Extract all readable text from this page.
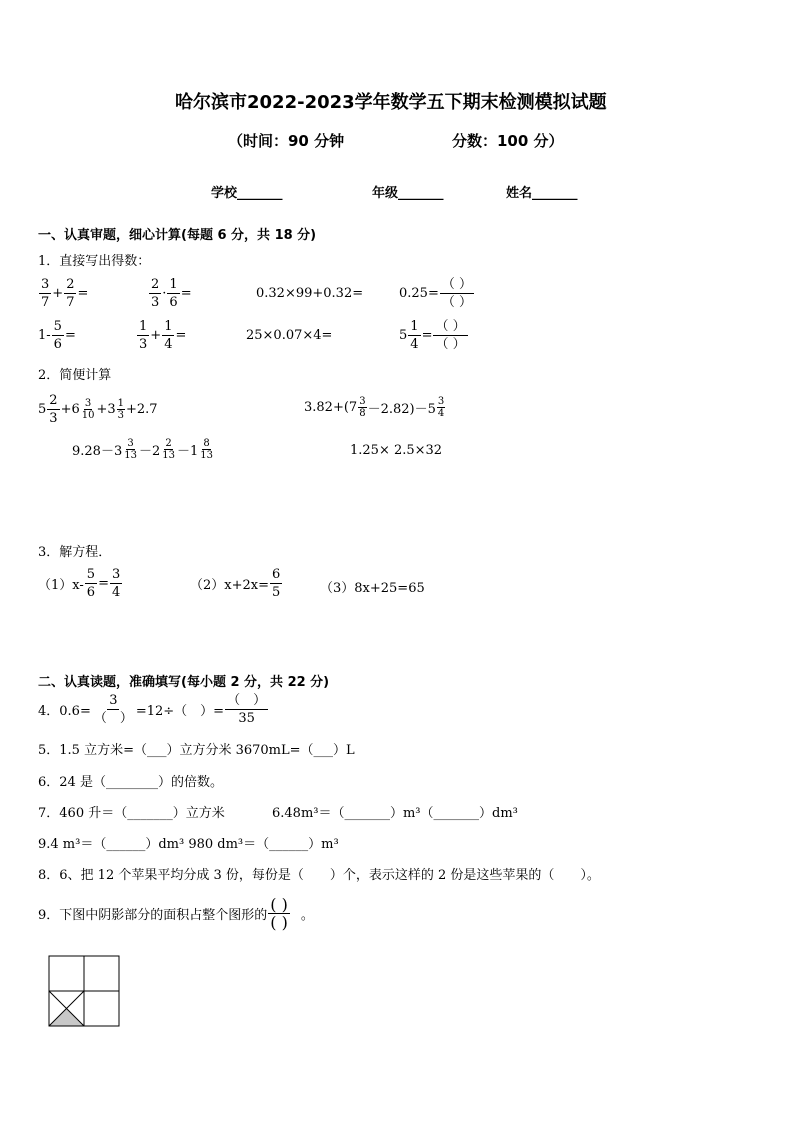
哈尔滨市2022-2023学年数学五下期末检测模拟试题
（时间：90 分钟	分数：100 分）
学校_______	年级_______	姓名_______
一、认真审题，细心计算(每题 6 分，共 18 分)
1．直接写出得数：
$\frac{3}{7} + \frac{2}{7}$ =	$\frac{2}{3} \cdot \frac{1}{6}$ =	0.32×99+0.32=	$0.25= \frac{( )}{( )}$
$1- \frac{5}{6}$ =	$\frac{1}{3} + \frac{1}{4}$ =	25×0.07×4=	$5 \frac{1}{4} = \frac{( )}{( )}$
2．简便计算
$5 \frac{2}{3} +6 \frac{3}{10} +3 \frac{1}{3} +2.7$	$3.82+(7 \frac{3}{8} -2.82)-5 \frac{3}{4}$
$9.28-3 \frac{3}{13} -2 \frac{2}{13} -1 \frac{8}{13}$	1.25× 2.5×32
3．解方程．
$(1)x- \frac{5}{6} = \frac{3}{4}$	$(2)x+2x= \frac{6}{5}$	（3）8x+25=65
二、认真读题，准确填写(每小题 2 分，共 22 分)
4．$0.6= \frac{3}{( )} =12\div$（　）= $\frac{( )}{35}$
5．1.5 立方米=（___）立方分米 3670mL=（___）L
6．24 是（________）的倍数。
7．460 升＝（_______）立方米	6.48m³＝（_______）m³（_______）dm³
9.4 m³＝（______）dm³ 980 dm³＝（______）m³
8．6、把 12 个苹果平均分成 3 份，每份是（　　）个，表示这样的 2 份是这些苹果的（　　）。
9．下图中阴影部分的面积占整个图形的 $\frac{( )}{( )}$ 。
